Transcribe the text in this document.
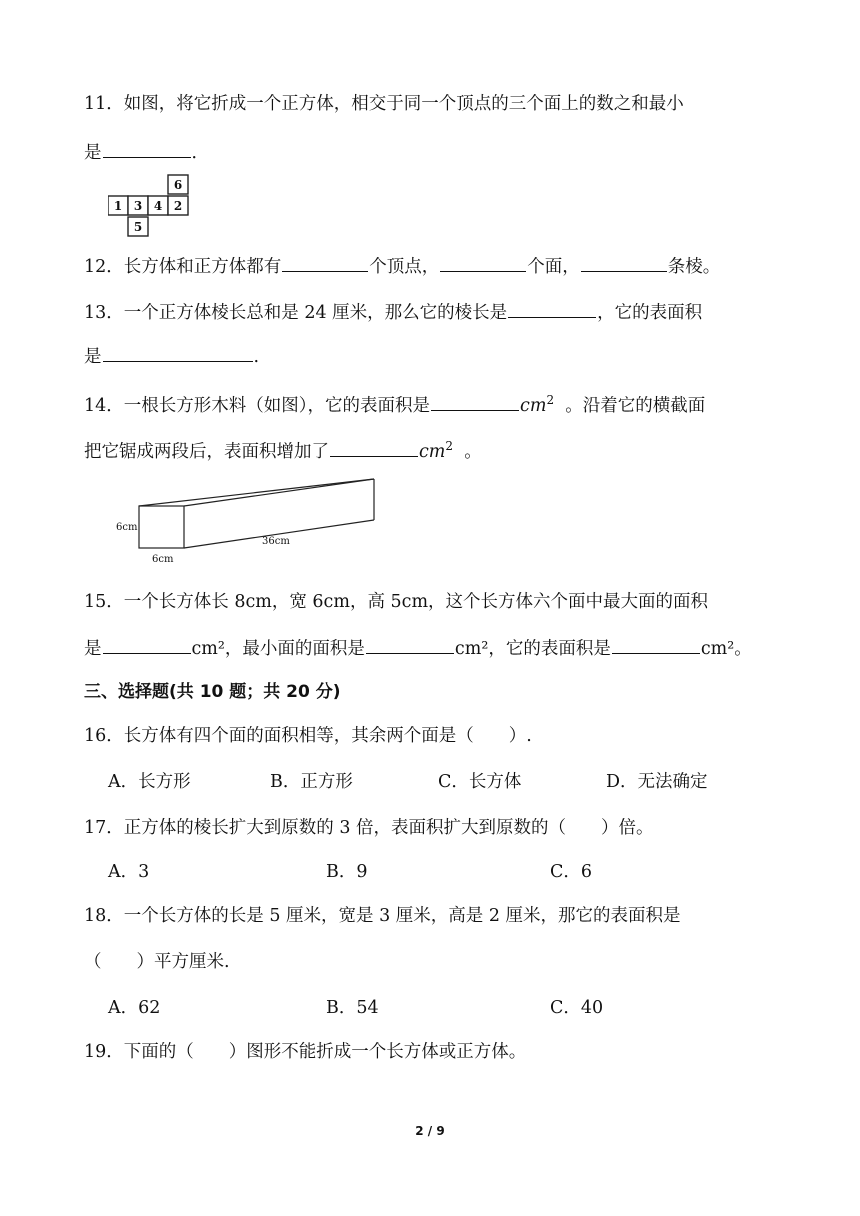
11．如图，将它折成一个正方体，相交于同一个顶点的三个面上的数之和最小
是	．
6
1 3 4 2
5
12．长方体和正方体都有	个顶点，	个面，	条棱。
13．一个正方体棱长总和是 24 厘米，那么它的棱长是	，它的表面积
是	.
14．一根长方形木料（如图），它的表面积是	$cm^2$ 。沿着它的横截面
把它锯成两段后，表面积增加了	$cm^2$ 。
6cm
6cm
36cm
15．一个长方体长 8cm，宽 6cm，高 5cm，这个长方体六个面中最大面的面积
是	cm²，最小面的面积是	cm²，它的表面积是	cm²。
三、选择题(共 10 题；共 20 分)
16．长方体有四个面的面积相等，其余两个面是（　　）.
A．长方形	B．正方形	C．长方体	D．无法确定
17．正方体的棱长扩大到原数的 3 倍，表面积扩大到原数的（　　）倍。
A．3	B．9	C．6
18．一个长方体的长是 5 厘米，宽是 3 厘米，高是 2 厘米，那它的表面积是
（　　）平方厘米.
A．62	B．54	C．40
19．下面的（　　）图形不能折成一个长方体或正方体。
2 / 9
